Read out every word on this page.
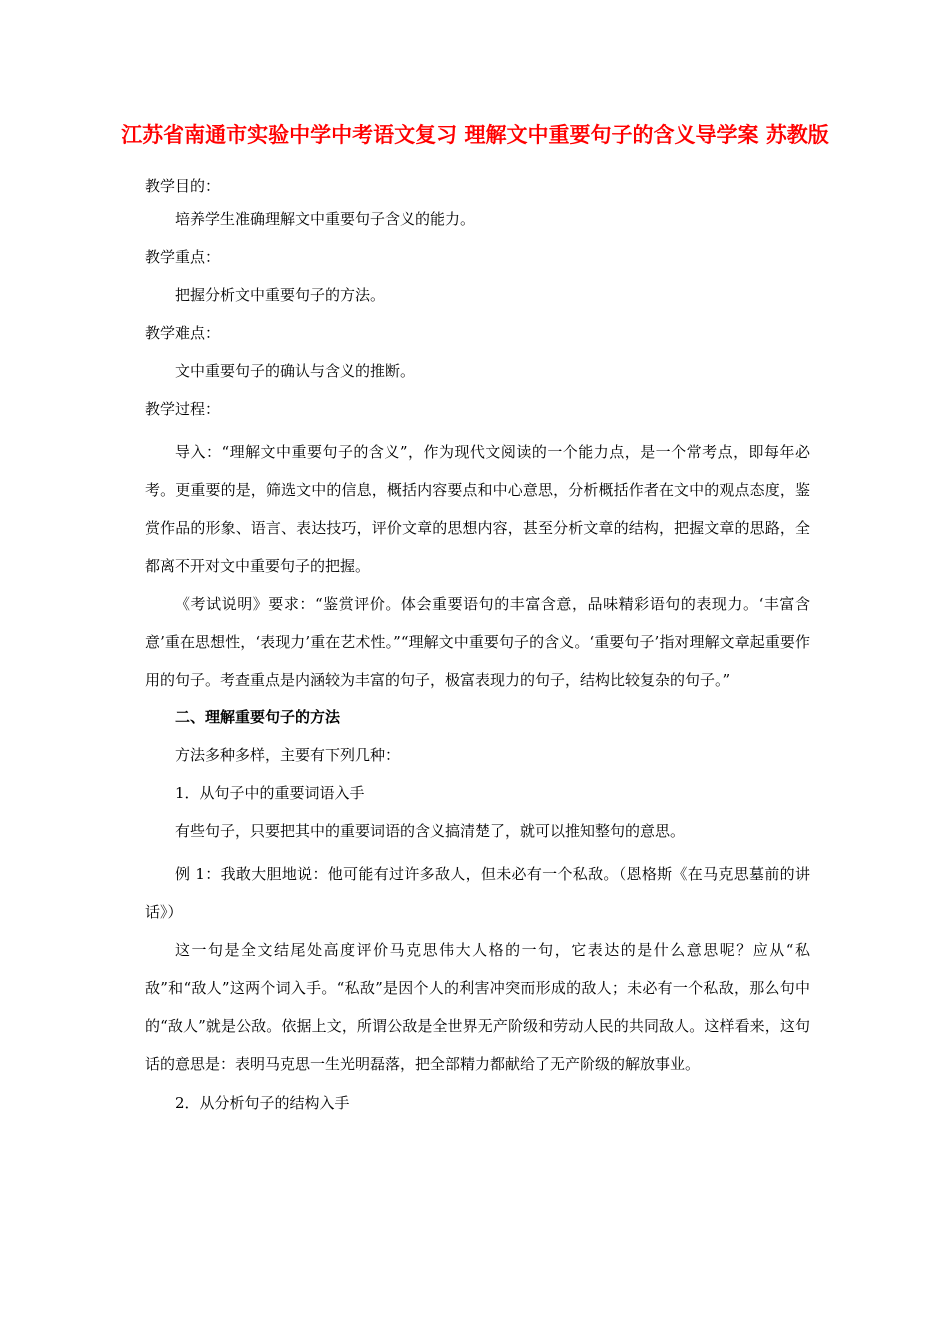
江苏省南通市实验中学中考语文复习 理解文中重要句子的含义导学案 苏教版

教学目的：

培养学生准确理解文中重要句子含义的能力。

教学重点：

把握分析文中重要句子的方法。

教学难点：

文中重要句子的确认与含义的推断。

教学过程：

导入：“理解文中重要句子的含义”，作为现代文阅读的一个能力点，是一个常考点，即每年必考。更重要的是，筛选文中的信息，概括内容要点和中心意思，分析概括作者在文中的观点态度，鉴赏作品的形象、语言、表达技巧，评价文章的思想内容，甚至分析文章的结构，把握文章的思路，全都离不开对文中重要句子的把握。

《考试说明》要求：“鉴赏评价。体会重要语句的丰富含意，品味精彩语句的表现力。‘丰富含意’重在思想性，‘表现力’重在艺术性。”“理解文中重要句子的含义。‘重要句子’指对理解文章起重要作用的句子。考查重点是内涵较为丰富的句子，极富表现力的句子，结构比较复杂的句子。”

二、理解重要句子的方法

方法多种多样，主要有下列几种：

1．从句子中的重要词语入手

有些句子，只要把其中的重要词语的含义搞清楚了，就可以推知整句的意思。

例 1：我敢大胆地说：他可能有过许多敌人，但未必有一个私敌。（恩格斯《在马克思墓前的讲话》）

这一句是全文结尾处高度评价马克思伟大人格的一句，它表达的是什么意思呢？应从“私敌”和“敌人”这两个词入手。“私敌”是因个人的利害冲突而形成的敌人；未必有一个私敌，那么句中的“敌人”就是公敌。依据上文，所谓公敌是全世界无产阶级和劳动人民的共同敌人。这样看来，这句话的意思是：表明马克思一生光明磊落，把全部精力都献给了无产阶级的解放事业。

2．从分析句子的结构入手
